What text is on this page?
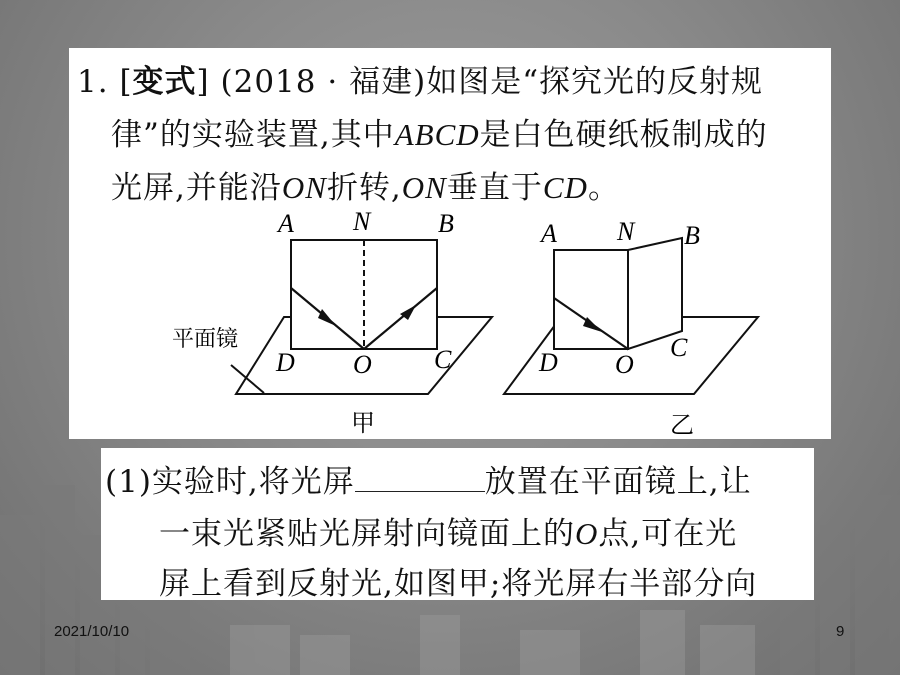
1. [变式] (2018 · 福建)如图是“探究光的反射规
律”的实验装置,其中ABCD是白色硬纸板制成的
光屏,并能沿ON折转,ON垂直于CD。
A N	B
D O C
平面镜
甲
A N B
D O
C
乙
(1)实验时,将光屏	放置在平面镜上,让
一束光紧贴光屏射向镜面上的O点,可在光
屏上看到反射光,如图甲;将光屏右半部分向
2021/10/10	9
